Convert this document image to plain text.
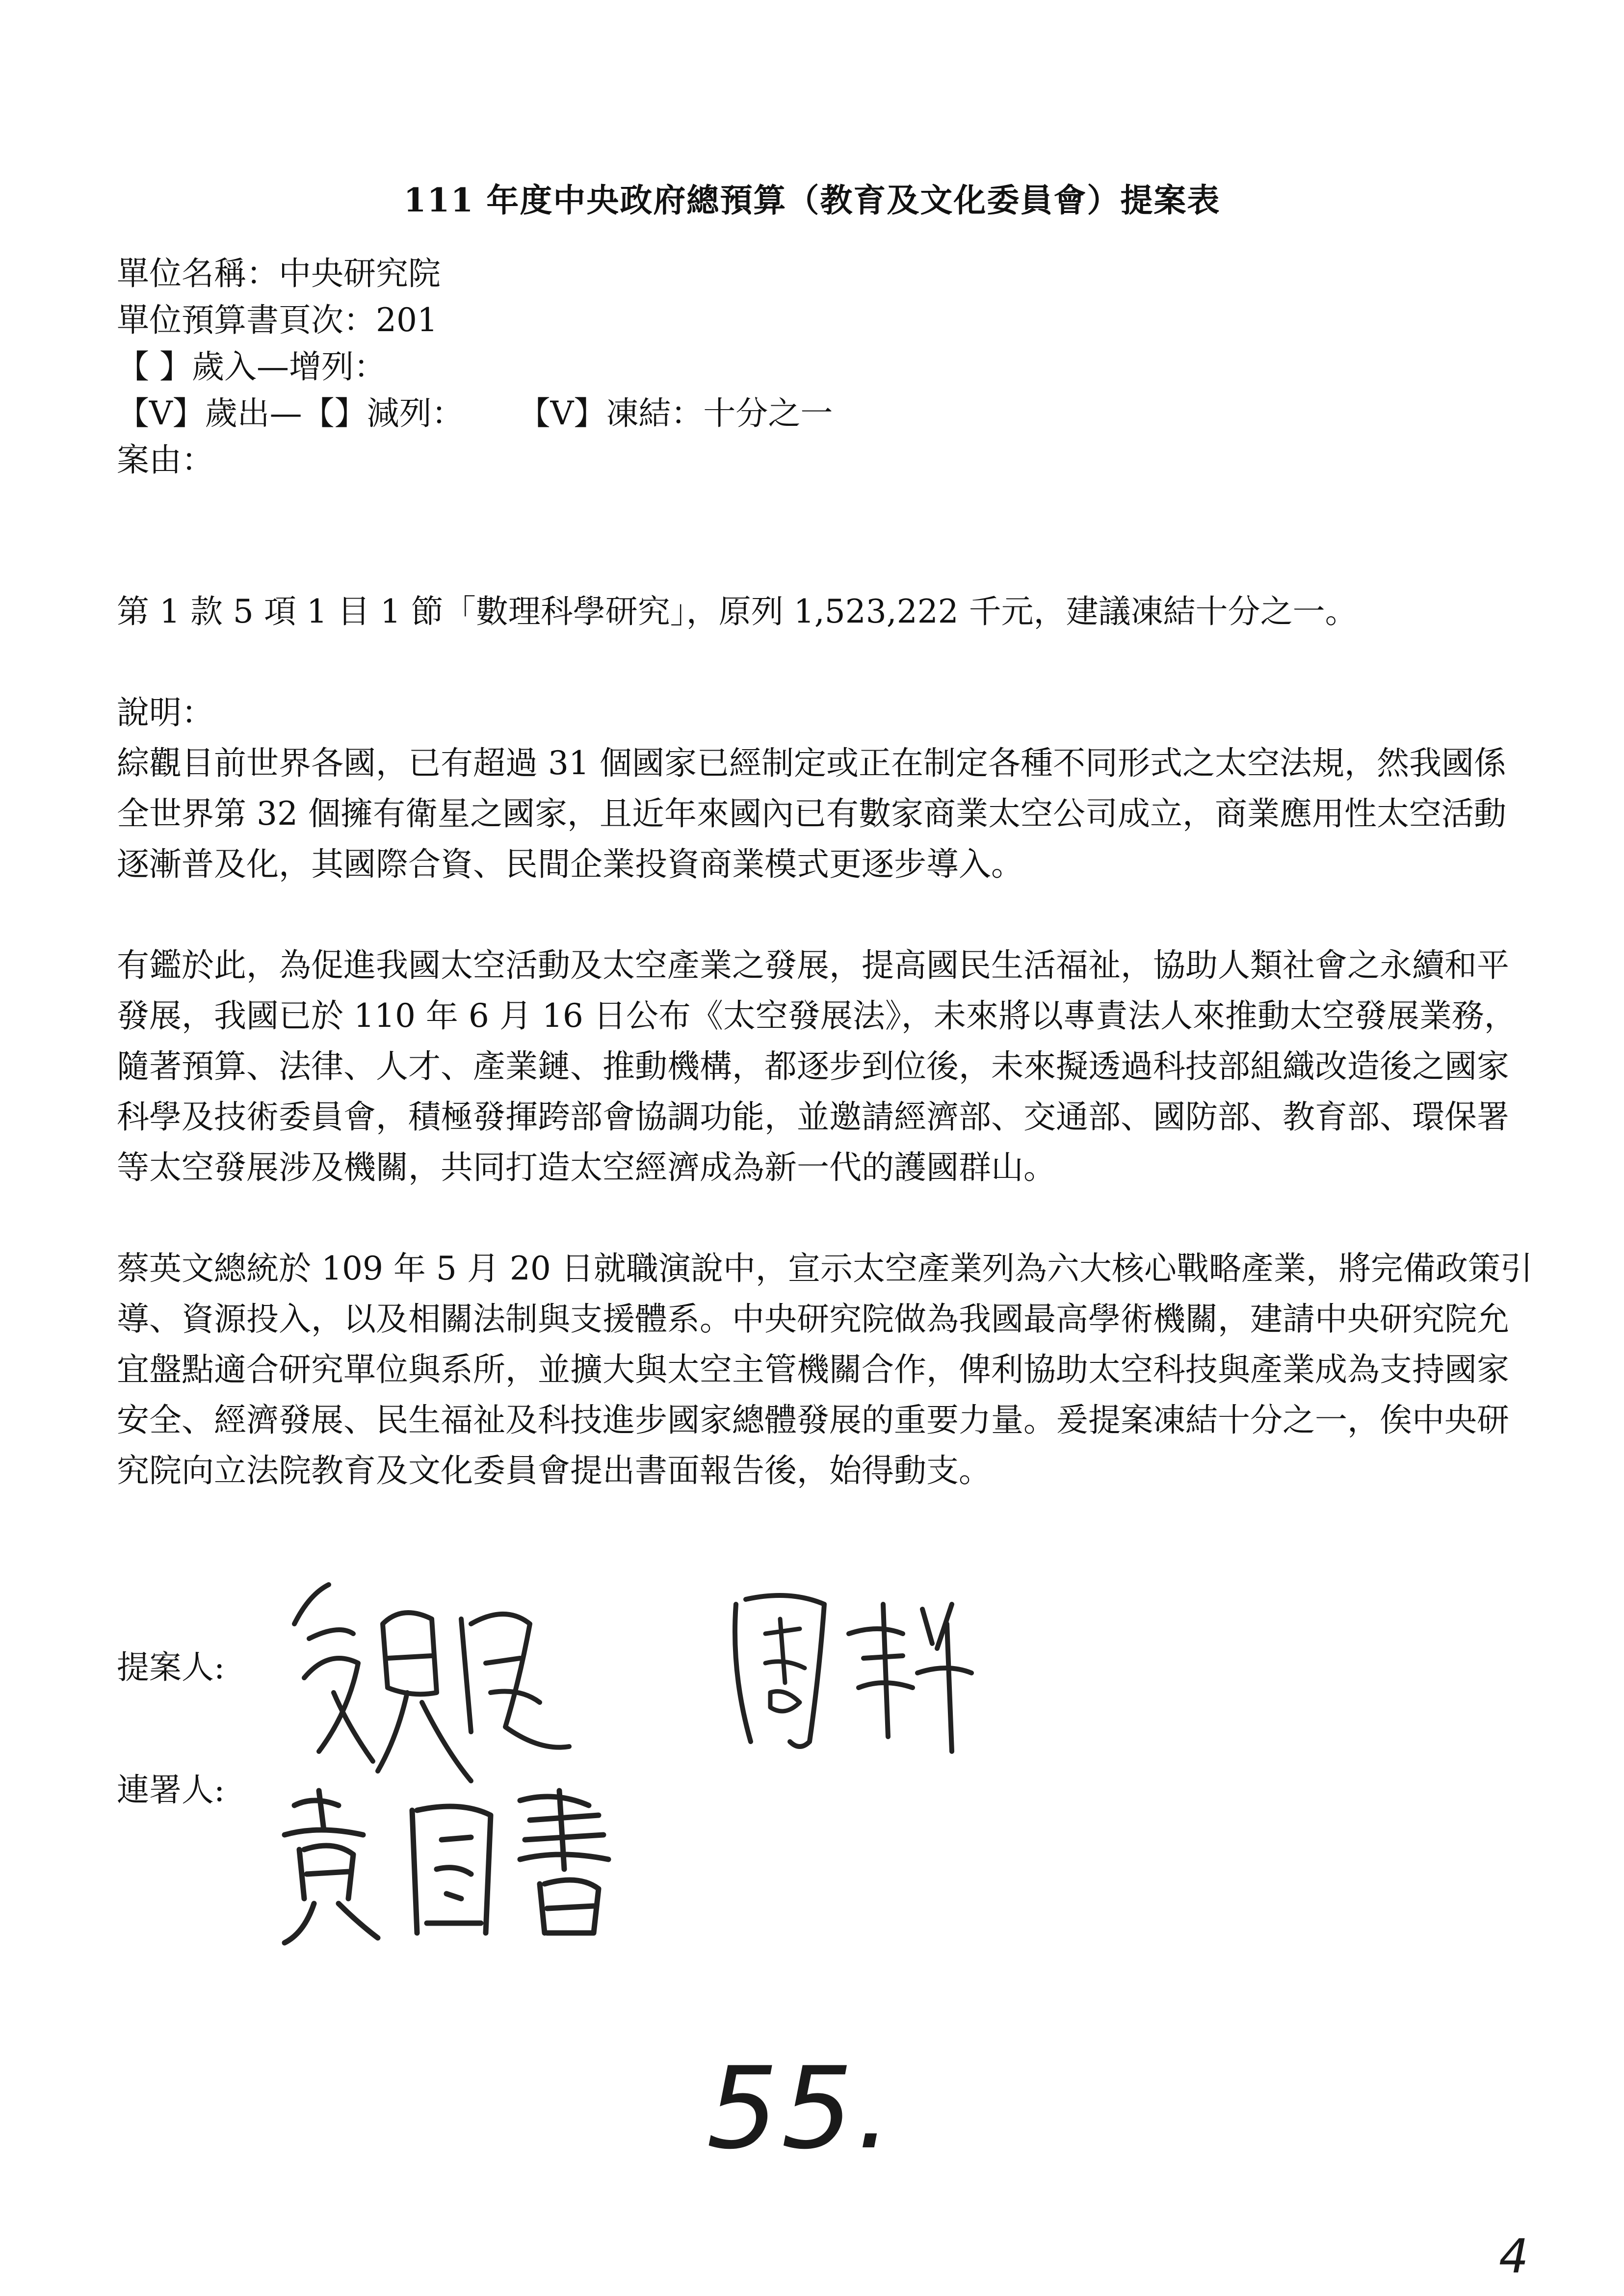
111 年度中央政府總預算（教育及文化委員會）提案表
單位名稱：中央研究院
單位預算書頁次：201
【 】歲入—增列：
【V】歲出—【】減列： 【V】凍結：十分之一
案由：

第 1 款 5 項 1 目 1 節「數理科學研究」，原列 1,523,222 千元，建議凍結十分之一。

說明：

綜觀目前世界各國，已有超過 31 個國家已經制定或正在制定各種不同形式之太空法規，然我國係全世界第 32 個擁有衛星之國家，且近年來國內已有數家商業太空公司成立，商業應用性太空活動逐漸普及化，其國際合資、民間企業投資商業模式更逐步導入。

有鑑於此，為促進我國太空活動及太空產業之發展，提高國民生活福祉，協助人類社會之永續和平發展，我國已於 110 年 6 月 16 日公布《太空發展法》，未來將以專責法人來推動太空發展業務，隨著預算、法律、人才、產業鏈、推動機構，都逐步到位後，未來擬透過科技部組織改造後之國家科學及技術委員會，積極發揮跨部會協調功能，並邀請經濟部、交通部、國防部、教育部、環保署等太空發展涉及機關，共同打造太空經濟成為新一代的護國群山。

蔡英文總統於 109 年 5 月 20 日就職演說中，宣示太空產業列為六大核心戰略產業，將完備政策引導、資源投入，以及相關法制與支援體系。中央研究院做為我國最高學術機關，建請中央研究院允宜盤點適合研究單位與系所，並擴大與太空主管機關合作，俾利協助太空科技與產業成為支持國家安全、經濟發展、民生福祉及科技進步國家總體發展的重要力量。爰提案凍結十分之一，俟中央研究院向立法院教育及文化委員會提出書面報告後，始得動支。

提案人:
連署人:
55.
4
